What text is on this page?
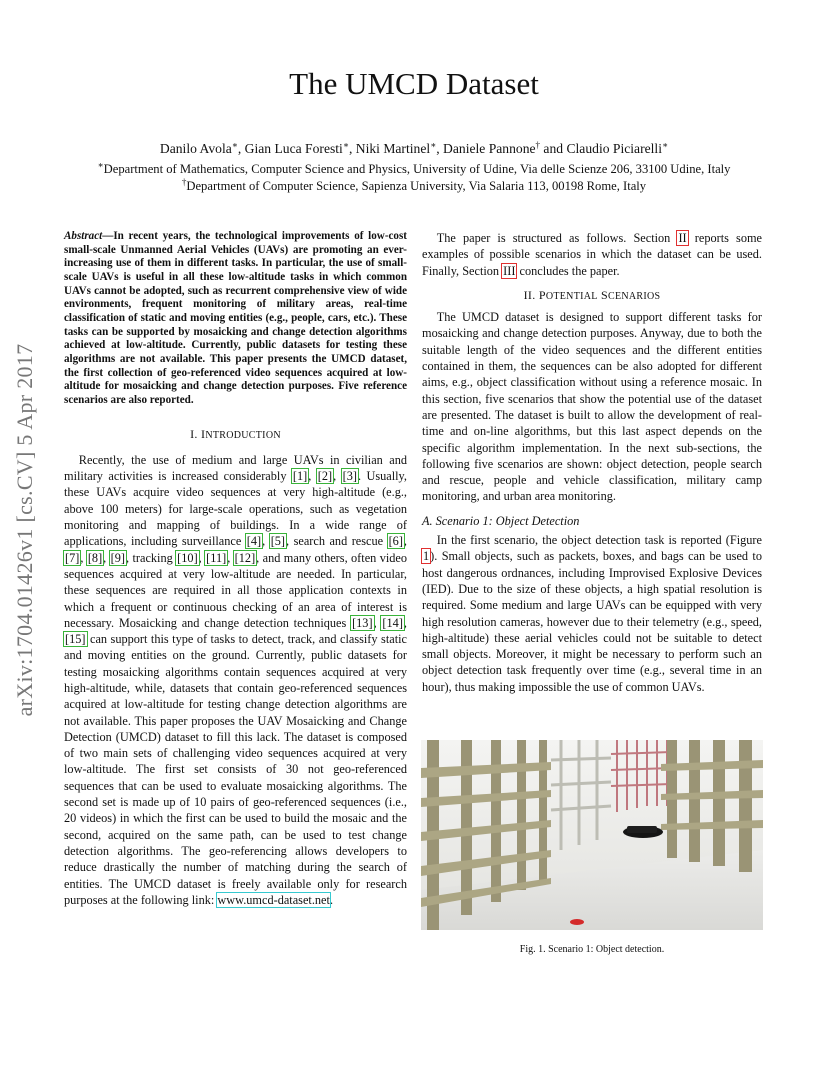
The UMCD Dataset
Danilo Avola∗, Gian Luca Foresti∗, Niki Martinel∗, Daniele Pannone† and Claudio Piciarelli∗
∗Department of Mathematics, Computer Science and Physics, University of Udine, Via delle Scienze 206, 33100 Udine, Italy
†Department of Computer Science, Sapienza University, Via Salaria 113, 00198 Rome, Italy
arXiv:1704.01426v1 [cs.CV] 5 Apr 2017
Abstract—In recent years, the technological improvements of low-cost small-scale Unmanned Aerial Vehicles (UAVs) are promoting an ever-increasing use of them in different tasks. In particular, the use of small-scale UAVs is useful in all these low-altitude tasks in which common UAVs cannot be adopted, such as recurrent comprehensive view of wide environments, frequent monitoring of military areas, real-time classification of static and moving entities (e.g., people, cars, etc.). These tasks can be supported by mosaicking and change detection algorithms achieved at low-altitude. Currently, public datasets for testing these algorithms are not available. This paper presents the UMCD dataset, the first collection of geo-referenced video sequences acquired at low-altitude for mosaicking and change detection purposes. Five reference scenarios are also reported.
I. INTRODUCTION

Recently, the use of medium and large UAVs in civilian and military activities is increased considerably [1], [2], [3]. Usually, these UAVs acquire video sequences at very high-altitude (e.g., above 100 meters) for large-scale operations, such as vegetation monitoring and mapping of buildings. In a wide range of applications, including surveillance [4], [5], search and rescue [6], [7], [8], [9], tracking [10], [11], [12], and many others, often video sequences acquired at very low-altitude are needed. In particular, these sequences are required in all those application contexts in which a frequent or continuous checking of an area of interest is necessary. Mosaicking and change detection techniques [13], [14], [15] can support this type of tasks to detect, track, and classify static and moving entities on the ground. Currently, public datasets for testing mosaicking algorithms contain sequences acquired at very high-altitude, while, datasets that contain geo-referenced sequences acquired at low-altitude for testing change detection algorithms are not available. This paper proposes the UAV Mosaicking and Change Detection (UMCD) dataset to fill this lack. The dataset is composed of two main sets of challenging video sequences acquired at very low-altitude. The first set consists of 30 not geo-referenced sequences that can be used to evaluate mosaicking algorithms. The second set is made up of 10 pairs of geo-referenced sequences (i.e., 20 videos) in which the first can be used to build the mosaic and the second, acquired on the same path, can be used to test change detection algorithms. The geo-referencing allows developers to reduce drastically the number of matching during the search of entities. The UMCD dataset is freely available only for research purposes at the following link: www.umcd-dataset.net.

The paper is structured as follows. Section II reports some examples of possible scenarios in which the dataset can be used. Finally, Section III concludes the paper.

II. POTENTIAL SCENARIOS

The UMCD dataset is designed to support different tasks for mosaicking and change detection purposes. Anyway, due to both the suitable length of the video sequences and the different entities contained in them, the sequences can be also adopted for different aims, e.g., object classification without using a reference mosaic. In this section, five scenarios that show the potential use of the dataset are presented. The dataset is built to allow the development of real-time and on-line algorithms, but this last aspect depends on the specific algorithm implementation. In the next sub-sections, the following five scenarios are shown: object detection, people search and rescue, people and vehicle classification, military camp monitoring, and urban area monitoring.

A. Scenario 1: Object Detection

In the first scenario, the object detection task is reported (Figure 1). Small objects, such as packets, boxes, and bags can be used to host dangerous ordnances, including Improvised Explosive Devices (IED). Due to the size of these objects, a high spatial resolution is required. Some medium and large UAVs can be equipped with very high resolution cameras, however due to their telemetry (e.g., speed, high-altitude) these aerial vehicles could not be suitable to detect small objects. Moreover, it might be necessary to perform such an object detection task frequently over time (e.g., several time in an hour), thus making impossible the use of common UAVs.

Fig. 1. Scenario 1: Object detection.
